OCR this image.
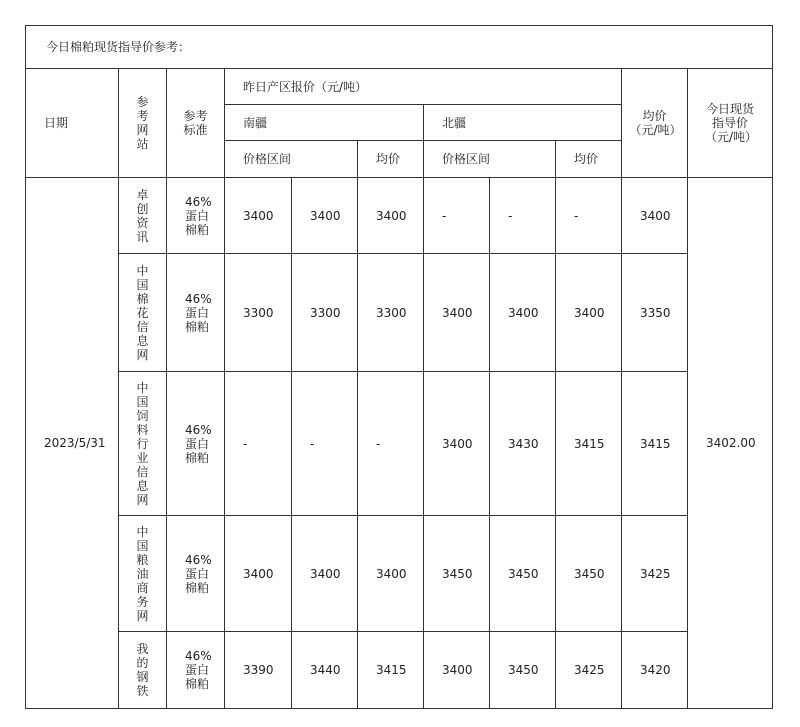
今日棉粕现货指导价参考：										
日期	参考网站	参考标准	昨日产区报价（元/吨）						均价（元/吨）	今日现货指导价（元/吨）
			南疆			北疆				
			价格区间		均价	价格区间		均价		
2023/5/31	卓创资讯	46%蛋白棉粕	3400	3400	3400	-	-	-	3400	3402.00
	中国棉花信息网	46%蛋白棉粕	3300	3300	3300	3400	3400	3400	3350	
	中国饲料行业信息网	46%蛋白棉粕	-	-	-	3400	3430	3415	3415	
	中国粮油商务网	46%蛋白棉粕	3400	3400	3400	3450	3450	3450	3425	
	我的钢铁	46%蛋白棉粕	3390	3440	3415	3400	3450	3425	3420	
